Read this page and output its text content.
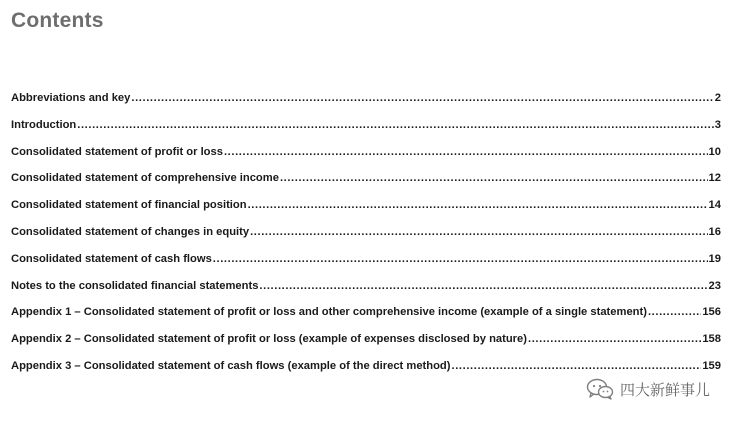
Contents
Abbreviations and key .....	2
Introduction .....	3
Consolidated statement of profit or loss .....	10
Consolidated statement of comprehensive income .....	12
Consolidated statement of financial position .....	14
Consolidated statement of changes in equity .....	16
Consolidated statement of cash flows .....	19
Notes to the consolidated financial statements .....	23
Appendix 1 – Consolidated statement of profit or loss and other comprehensive income (example of a single statement) .....	156
Appendix 2 – Consolidated statement of profit or loss (example of expenses disclosed by nature) .....	158
Appendix 3 – Consolidated statement of cash flows (example of the direct method) .....	159
四大新鲜事儿
